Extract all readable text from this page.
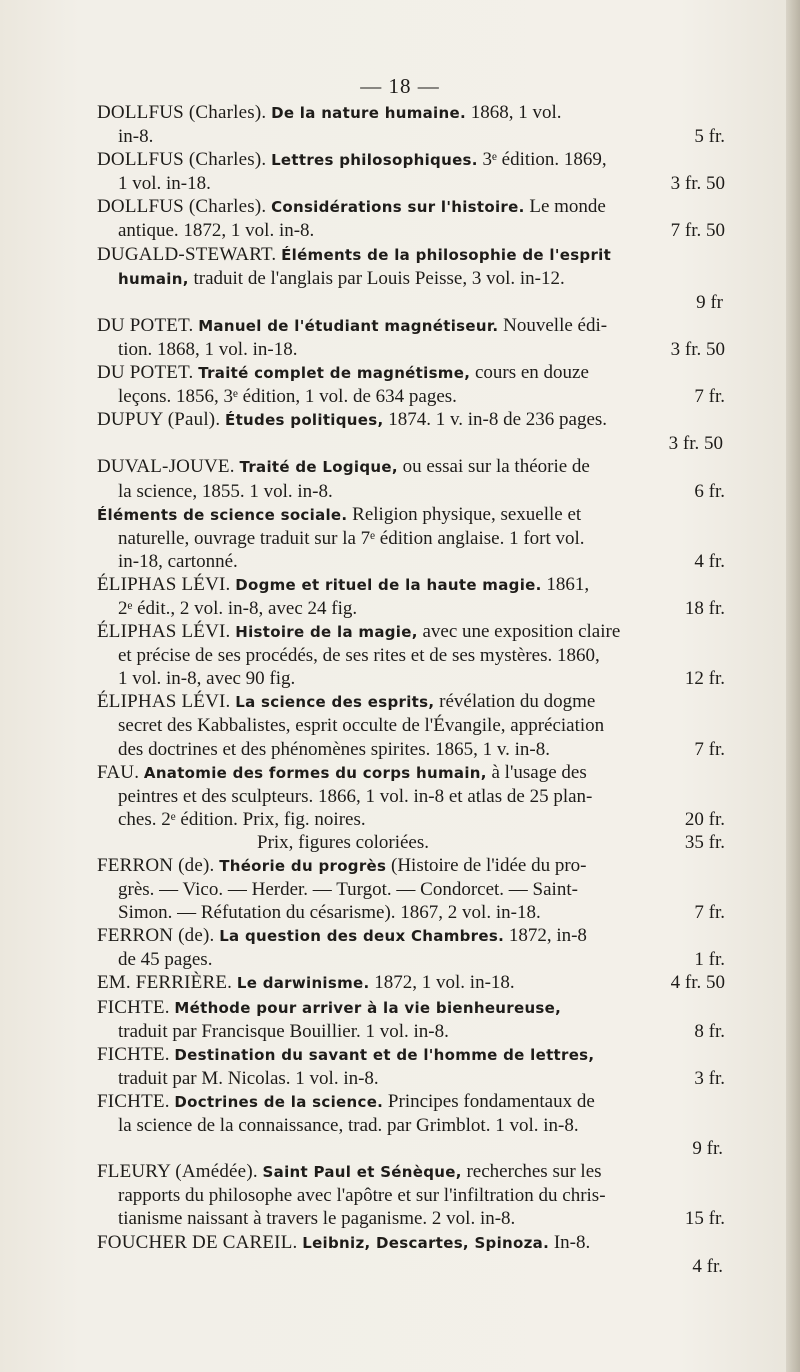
— 18 —
DOLLFUS (Charles). De la nature humaine. 1868, 1 vol.
in-8.	5 fr.
DOLLFUS (Charles). Lettres philosophiques. 3ᵉ édition. 1869,
1 vol. in-18.	3 fr. 50
DOLLFUS (Charles). Considérations sur l'histoire. Le monde
antique. 1872, 1 vol. in-8.	7 fr. 50
DUGALD-STEWART. Éléments de la philosophie de l'esprit
humain, traduit de l'anglais par Louis Peisse, 3 vol. in-12.
9 fr
DU POTET. Manuel de l'étudiant magnétiseur. Nouvelle édi-
tion. 1868, 1 vol. in-18.	3 fr. 50
DU POTET. Traité complet de magnétisme, cours en douze
leçons. 1856, 3ᵉ édition, 1 vol. de 634 pages.	7 fr.
DUPUY (Paul). Études politiques, 1874. 1 v. in-8 de 236 pages.
3 fr. 50
DUVAL-JOUVE. Traité de Logique, ou essai sur la théorie de
la science, 1855. 1 vol. in-8.	6 fr.
Éléments de science sociale. Religion physique, sexuelle et
naturelle, ouvrage traduit sur la 7ᵉ édition anglaise. 1 fort vol.
in-18, cartonné.	4 fr.
ÉLIPHAS LÉVI. Dogme et rituel de la haute magie. 1861,
2ᵉ édit., 2 vol. in-8, avec 24 fig.	18 fr.
ÉLIPHAS LÉVI. Histoire de la magie, avec une exposition claire
et précise de ses procédés, de ses rites et de ses mystères. 1860,
1 vol. in-8, avec 90 fig.	12 fr.
ÉLIPHAS LÉVI. La science des esprits, révélation du dogme
secret des Kabbalistes, esprit occulte de l'Évangile, appréciation
des doctrines et des phénomènes spirites. 1865, 1 v. in-8.	7 fr.
FAU. Anatomie des formes du corps humain, à l'usage des
peintres et des sculpteurs. 1866, 1 vol. in-8 et atlas de 25 plan-
ches. 2ᵉ édition. Prix, fig. noires.	20 fr.
Prix, figures coloriées.	35 fr.
FERRON (de). Théorie du progrès (Histoire de l'idée du pro-
grès. — Vico. — Herder. — Turgot. — Condorcet. — Saint-
Simon. — Réfutation du césarisme). 1867, 2 vol. in-18.	7 fr.
FERRON (de). La question des deux Chambres. 1872, in-8
de 45 pages.	1 fr.
EM. FERRIÈRE. Le darwinisme. 1872, 1 vol. in-18.	4 fr. 50
FICHTE. Méthode pour arriver à la vie bienheureuse,
traduit par Francisque Bouillier. 1 vol. in-8.	8 fr.
FICHTE. Destination du savant et de l'homme de lettres,
traduit par M. Nicolas. 1 vol. in-8.	3 fr.
FICHTE. Doctrines de la science. Principes fondamentaux de
la science de la connaissance, trad. par Grimblot. 1 vol. in-8.
9 fr.
FLEURY (Amédée). Saint Paul et Sénèque, recherches sur les
rapports du philosophe avec l'apôtre et sur l'infiltration du chris-
tianisme naissant à travers le paganisme. 2 vol. in-8.	15 fr.
FOUCHER DE CAREIL. Leibniz, Descartes, Spinoza. In-8.
4 fr.
